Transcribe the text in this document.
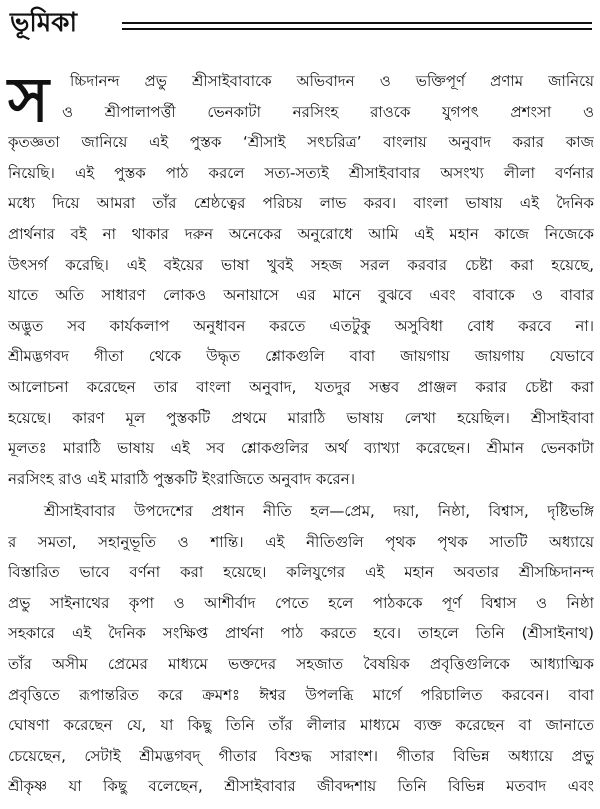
ভূমিকা
স	চ্চিদানন্দ প্রভু শ্রীসাইবাবাকে অভিবাদন ও ভক্তিপূর্ণ প্রণাম জানিয়ে
ও শ্রীপালাপর্ত্তী ভেনকাটা নরসিংহ রাওকে যুগপৎ প্রশংসা ও
কৃতজ্ঞতা জানিয়ে এই পুস্তক ‘শ্রীসাই সৎচরিত্র’ বাংলায় অনুবাদ করার কাজ
নিয়েছি। এই পুস্তক পাঠ করলে সত্য-সত্যই শ্রীসাইবাবার অসংখ্য লীলা বর্ণনার
মধ্যে দিয়ে আমরা তাঁর শ্রেষ্ঠত্বের পরিচয় লাভ করব। বাংলা ভাষায় এই দৈনিক
প্রার্থনার বই না থাকার দরুন অনেকের অনুরোধে আমি এই মহান কাজে নিজেকে
উৎসর্গ করেছি। এই বইয়ের ভাষা খুবই সহজ সরল করবার চেষ্টা করা হয়েছে,
যাতে অতি সাধারণ লোকও অনায়াসে এর মানে বুঝবে এবং বাবাকে ও বাবার
অদ্ভুত সব কার্যকলাপ অনুধাবন করতে এতটুকু অসুবিধা বোধ করবে না।
শ্রীমদ্ভগবদ গীতা থেকে উদ্ধৃত শ্লোকগুলি বাবা জায়গায় জায়গায় যেভাবে
আলোচনা করেছেন তার বাংলা অনুবাদ, যতদুর সম্ভব প্রাঞ্জল করার চেষ্টা করা
হয়েছে। কারণ মূল পুস্তকটি প্রথমে মারাঠি ভাষায় লেখা হয়েছিল। শ্রীসাইবাবা
মূলতঃ মারাঠি ভাষায় এই সব শ্লোকগুলির অর্থ ব্যাখ্যা করেছেন। শ্রীমান ভেনকাটা
নরসিংহ রাও এই মারাঠি পুস্তকটি ইংরাজিতে অনুবাদ করেন।
শ্রীসাইবাবার উপদেশের প্রধান নীতি হল—প্রেম, দয়া, নিষ্ঠা, বিশ্বাস, দৃষ্টিভঙ্গি
র সমতা, সহানুভূতি ও শান্তি। এই নীতিগুলি পৃথক পৃথক সাতটি অধ্যায়ে
বিস্তারিত ভাবে বর্ণনা করা হয়েছে। কলিযুগের এই মহান অবতার শ্রীসচ্চিদানন্দ
প্রভু সাইনাথের কৃপা ও আশীর্বাদ পেতে হলে পাঠককে পূর্ণ বিশ্বাস ও নিষ্ঠা
সহকারে এই দৈনিক সংক্ষিপ্ত প্রার্থনা পাঠ করতে হবে। তাহলে তিনি (শ্রীসাইনাথ)
তাঁর অসীম প্রেমের মাধ্যমে ভক্তদের সহজাত বৈষয়িক প্রবৃত্তিগুলিকে আধ্যাত্মিক
প্রবৃত্তিতে রূপান্তরিত করে ক্রমশঃ ঈশ্বর উপলব্ধি মার্গে পরিচালিত করবেন। বাবা
ঘোষণা করেছেন যে, যা কিছু তিনি তাঁর লীলার মাধ্যমে ব্যক্ত করেছেন বা জানাতে
চেয়েছেন, সেটাই শ্রীমদ্ভগবদ্ গীতার বিশুদ্ধ সারাংশ। গীতার বিভিন্ন অধ্যায়ে প্রভু
শ্রীকৃষ্ণ যা কিছু বলেছেন, শ্রীসাইবাবার জীবদ্দশায় তিনি বিভিন্ন মতবাদ এবং
